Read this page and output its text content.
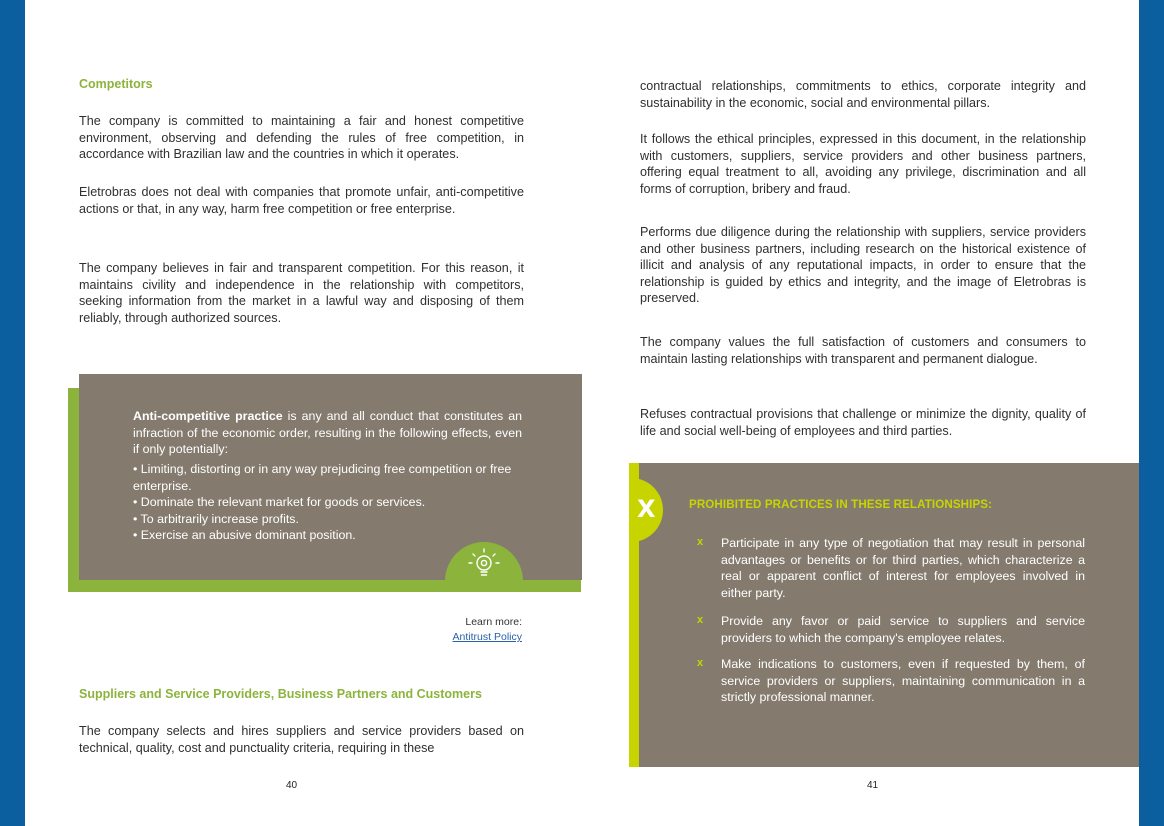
Competitors
The company is committed to maintaining a fair and honest competitive environment, observing and defending the rules of free competition, in accordance with Brazilian law and the countries in which it operates.
Eletrobras does not deal with companies that promote unfair, anti-competitive actions or that, in any way, harm free competition or free enterprise.
The company believes in fair and transparent competition. For this reason, it maintains civility and independence in the relationship with competitors, seeking information from the market in a lawful way and disposing of them reliably, through authorized sources.
Anti-competitive practice is any and all conduct that constitutes an infraction of the economic order, resulting in the following effects, even if only potentially:
• Limiting, distorting or in any way prejudicing free competition or free enterprise.
• Dominate the relevant market for goods or services.
• To arbitrarily increase profits.
• Exercise an abusive dominant position.
Learn more:
Antitrust Policy
Suppliers and Service Providers, Business Partners and Customers
The company selects and hires suppliers and service providers based on technical, quality, cost and punctuality criteria, requiring in these
40
contractual relationships, commitments to ethics, corporate integrity and sustainability in the economic, social and environmental pillars.
It follows the ethical principles, expressed in this document, in the relationship with customers, suppliers, service providers and other business partners, offering equal treatment to all, avoiding any privilege, discrimination and all forms of corruption, bribery and fraud.
Performs due diligence during the relationship with suppliers, service providers and other business partners, including research on the historical existence of illicit and analysis of any reputational impacts, in order to ensure that the relationship is guided by ethics and integrity, and the image of Eletrobras is preserved.
The company values the full satisfaction of customers and consumers to maintain lasting relationships with transparent and permanent dialogue.
Refuses contractual provisions that challenge or minimize the dignity, quality of life and social well-being of employees and third parties.
PROHIBITED PRACTICES IN THESE RELATIONSHIPS:
x Participate in any type of negotiation that may result in personal advantages or benefits or for third parties, which characterize a real or apparent conflict of interest for employees involved in either party.
x Provide any favor or paid service to suppliers and service providers to which the company's employee relates.
x Make indications to customers, even if requested by them, of service providers or suppliers, maintaining communication in a strictly professional manner.
X
41
